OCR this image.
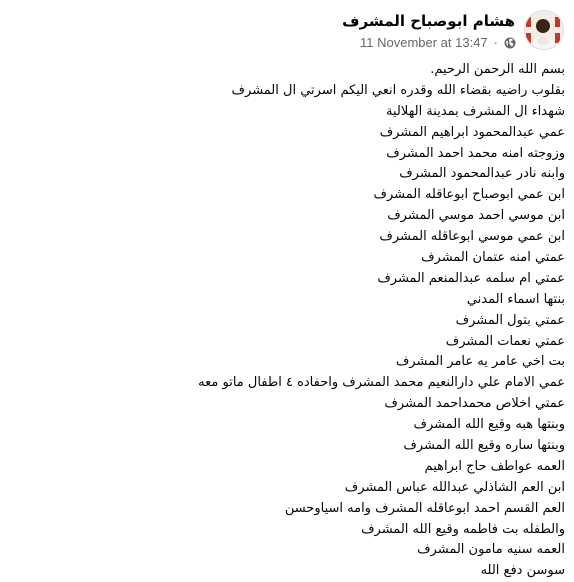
هشام ابوصباح المشرف
11 November at 13:47 ·
بسم الله الرحمن الرحيم.
بقلوب راضيه بقضاء الله وقدره انعي اليكم اسرتي ال المشرف
شهداء ال المشرف بمدينة الهلالية
عمي عبدالمحمود ابراهيم المشرف
وزوجته امنه محمد احمد المشرف
وابنه نادر عبدالمحمود المشرف
ابن عمي ابوصباح ابوعاقله المشرف
ابن موسي احمد موسي المشرف
ابن عمي موسي ابوعاقله المشرف
عمتي امنه عتمان المشرف
عمتي ام سلمه عبدالمنعم المشرف
بنتها اسماء المدني
عمتي بتول المشرف
عمتي نعمات المشرف
بت اخي عامر يه عامر المشرف
عمي الامام علي دارالنعيم محمد المشرف واحفاده ٤ اطفال ماتو معه
عمتي اخلاص محمداحمد المشرف
وبنتها هبه وقيع الله المشرف
وبنتها ساره وقيع الله المشرف
العمه عواطف حاج ابراهيم
ابن العم الشاذلي عبدالله عباس المشرف
العم القسم احمد ابوعاقله المشرف وامه اسياوحسن
والطفله بت فاطمه وقيع الله المشرف
العمه سنيه مامون المشرف
سوسن دفع الله
